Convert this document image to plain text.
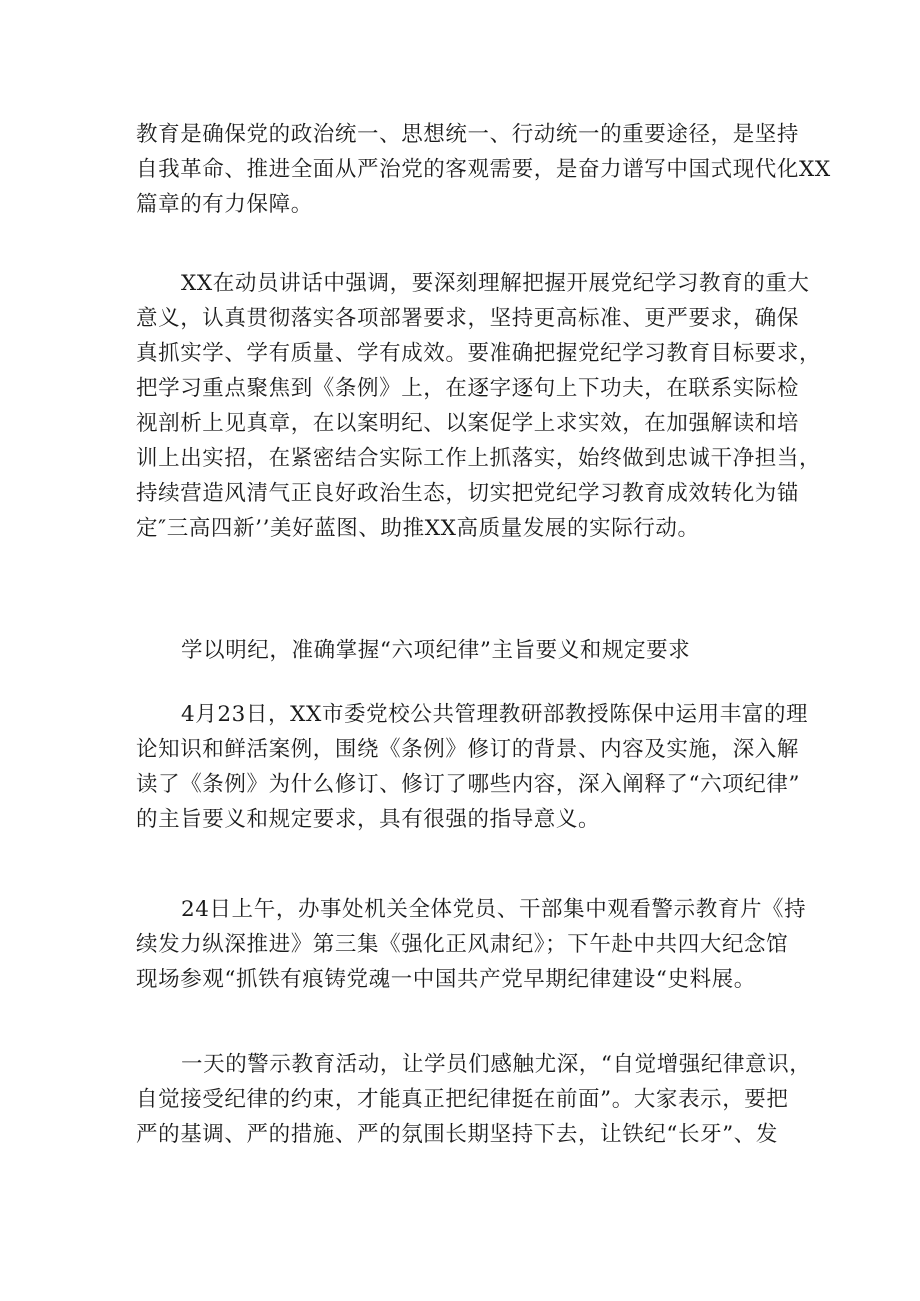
教育是确保党的政治统一、思想统一、行动统一的重要途径，是坚持
自我革命、推进全面从严治党的客观需要，是奋力谱写中国式现代化XX
篇章的有力保障。
XX在动员讲话中强调，要深刻理解把握开展党纪学习教育的重大
意义，认真贯彻落实各项部署要求，坚持更高标准、更严要求，确保
真抓实学、学有质量、学有成效。要准确把握党纪学习教育目标要求，
把学习重点聚焦到《条例》上，在逐字逐句上下功夫，在联系实际检
视剖析上见真章，在以案明纪、以案促学上求实效，在加强解读和培
训上出实招，在紧密结合实际工作上抓落实，始终做到忠诚干净担当，
持续营造风清气正良好政治生态，切实把党纪学习教育成效转化为锚
定″三高四新’’美好蓝图、助推XX高质量发展的实际行动。
学以明纪，准确掌握“六项纪律”主旨要义和规定要求
4月23日，XX市委党校公共管理教研部教授陈保中运用丰富的理
论知识和鲜活案例，围绕《条例》修订的背景、内容及实施，深入解
读了《条例》为什么修订、修订了哪些内容，深入阐释了“六项纪律”
的主旨要义和规定要求，具有很强的指导意义。
24日上午，办事处机关全体党员、干部集中观看警示教育片《持
续发力纵深推进》第三集《强化正风肃纪》；下午赴中共四大纪念馆
现场参观“抓铁有痕铸党魂一中国共产党早期纪律建设“史料展。
一天的警示教育活动，让学员们感触尤深，“自觉增强纪律意识，
自觉接受纪律的约束，才能真正把纪律挺在前面”。大家表示，要把
严的基调、严的措施、严的氛围长期坚持下去，让铁纪“长牙”、发
